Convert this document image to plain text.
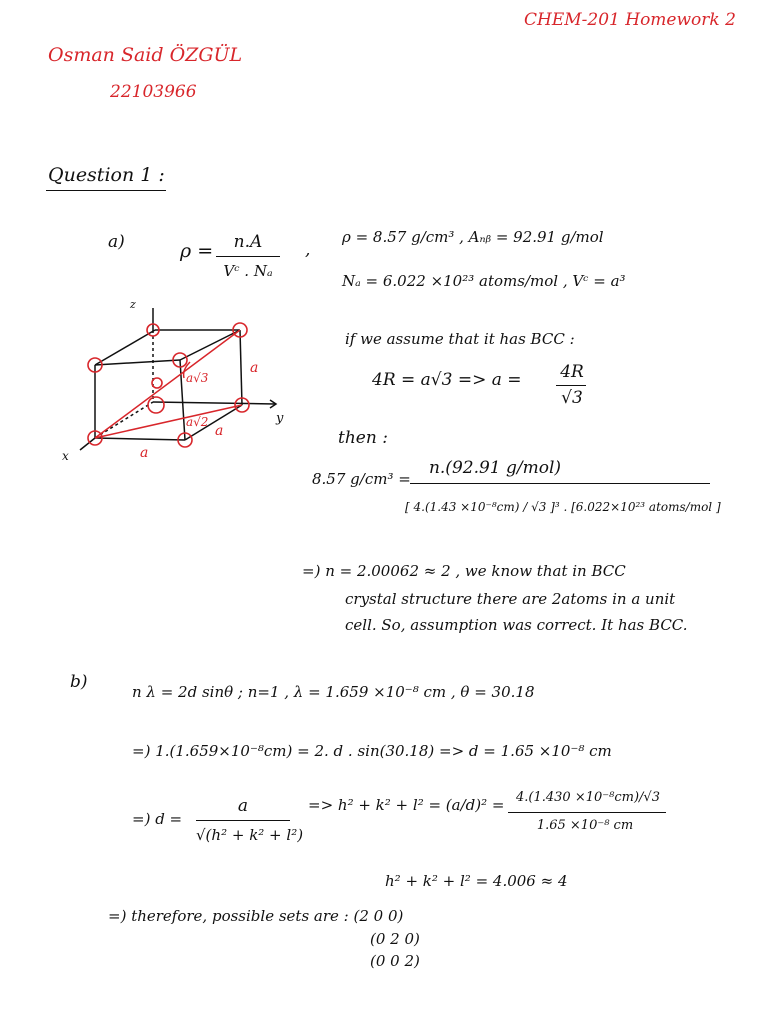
CHEM-201 Homework 2
Osman Said ÖZGÜL
22103966
Question 1 :
a)	ρ =	n.A
Vᶜ . Nₐ
,
ρ = 8.57 g/cm³ , Aₙᵦ = 92.91 g/mol
Nₐ = 6.022 ×10²³ atoms/mol , Vᶜ = a³
z
y
x
a
a
a
a√3
a√2
if we assume that it has BCC :
4R = a√3 => a = 4R
√3
then :
8.57 g/cm³ =
n.(92.91 g/mol)
[ 4.(1.43 ×10⁻⁸cm) / √3 ]³ . [6.022×10²³ atoms/mol ]
=) n = 2.00062 ≈ 2 , we know that in BCC
crystal structure there are 2atoms in a unit
cell. So, assumption was correct. It has BCC.
b)	n λ = 2d sinθ ; n=1 , λ = 1.659 ×10⁻⁸ cm , θ = 30.18
=) 1.(1.659×10⁻⁸cm) = 2. d . sin(30.18) => d = 1.65 ×10⁻⁸ cm
=) d =
a
√(h² + k² + l²)
=> h² + k² + l² = (a/d)² = 4.(1.430 ×10⁻⁸cm)/√3
1.65 ×10⁻⁸ cm
h² + k² + l² = 4.006 ≈ 4
=) therefore, possible sets are : (2 0 0)
(0 2 0)
(0 0 2)
